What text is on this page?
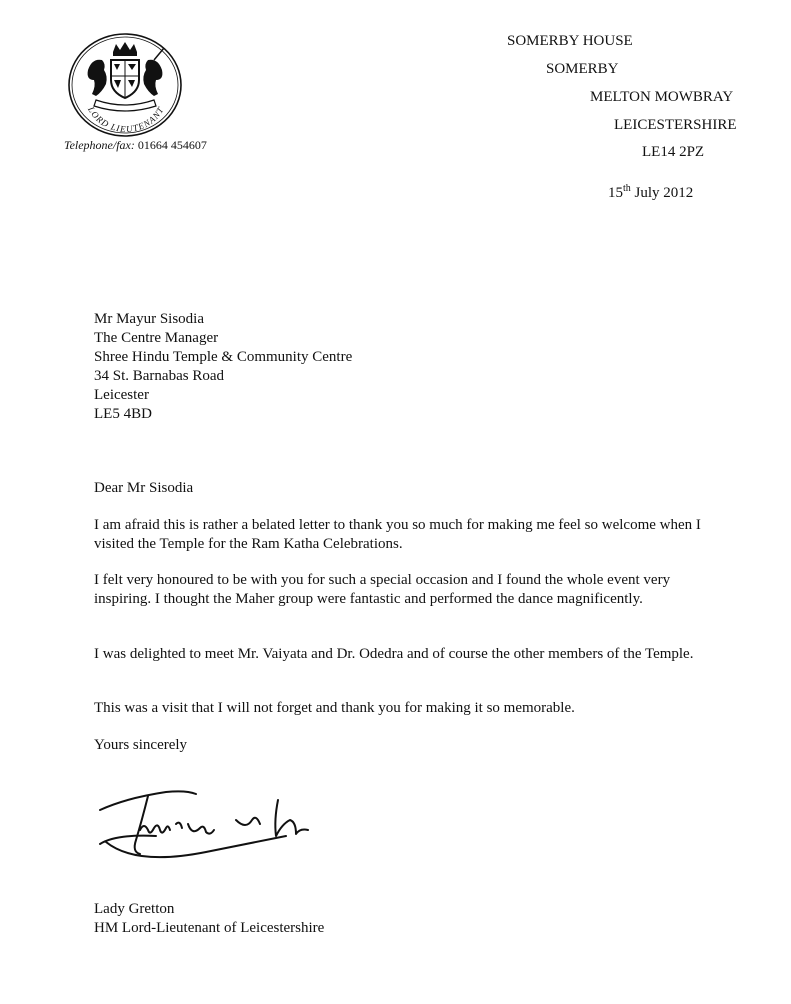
LORD LIEUTENANT
Telephone/fax: 01664 454607
SOMERBY HOUSE
SOMERBY
MELTON MOWBRAY
LEICESTERSHIRE
LE14 2PZ
15th July 2012
Mr Mayur Sisodia
The Centre Manager
Shree Hindu Temple & Community Centre
34 St. Barnabas Road
Leicester
LE5 4BD
Dear Mr Sisodia
I am afraid this is rather a belated letter to thank you so much for making me feel so welcome when I visited the Temple for the Ram Katha Celebrations.
I felt very honoured to be with you for such a special occasion and I found the whole event very inspiring. I thought the Maher group were fantastic and performed the dance magnificently.
I was delighted to meet Mr. Vaiyata and Dr. Odedra and of course the other members of the Temple.
This was a visit that I will not forget and thank you for making it so memorable.
Yours sincerely
Lady Gretton
HM Lord-Lieutenant of Leicestershire
